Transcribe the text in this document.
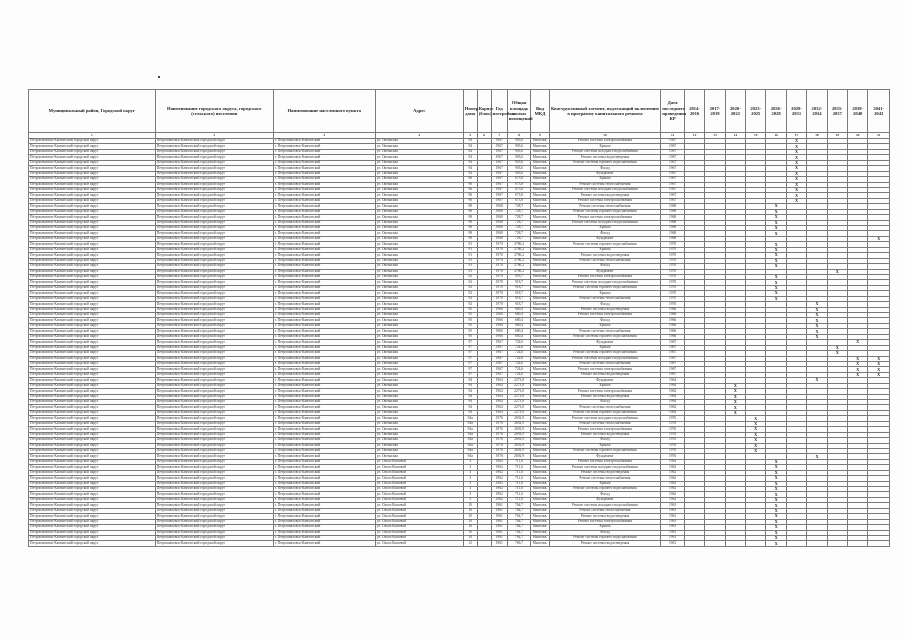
Муниципальный район, Городской округ	Наименование городского округа, городского (сельского) поселения	Наименование населенного пункта	Адрес	Номер дома	Корпус (блок)	Год постройки	Общая площадь жилых помещений	Вид МКД	Конструктивный элемент, подлежащий включению в программу капитального ремонта	Дата последнего проведения КР	2014-2016	2017-2019	2020-2022	2023-2025	2026-2028	2029-2031	2032-2034	2035-2037	2038-2040	2041-2043
1	2	3	4	5	6	7	8	9	10	11	12	13	14	15	16	17	18	19	20	21
Петропавловск-Камчатский городской округ	Петропавловск-Камчатский городской округ	г. Петропавловск-Камчатский	ул. Океанская	94		1967	903,6	Многокв.	Ремонт системы электроснабжения	1967						X				
Петропавловск-Камчатский городской округ	Петропавловск-Камчатский городской округ	г. Петропавловск-Камчатский	ул. Океанская	94		1967	903,6	Многокв.	Крыша	1967						X				
Петропавловск-Камчатский городской округ	Петропавловск-Камчатский городской округ	г. Петропавловск-Камчатский	ул. Океанская	94		1967	903,6	Многокв.	Ремонт системы холодного водоснабжения	1967						X				
Петропавловск-Камчатский городской округ	Петропавловск-Камчатский городской округ	г. Петропавловск-Камчатский	ул. Океанская	94		1967	903,6	Многокв.	Ремонт системы водоотведения	1967						X				
Петропавловск-Камчатский городской округ	Петропавловск-Камчатский городской округ	г. Петропавловск-Камчатский	ул. Океанская	94		1967	903,6	Многокв.	Ремонт системы горячего водоснабжения	1967						X				
Петропавловск-Камчатский городской округ	Петропавловск-Камчатский городской округ	г. Петропавловск-Камчатский	ул. Океанская	94		1967	903,6	Многокв.	Фасад	1967						X				
Петропавловск-Камчатский городской округ	Петропавловск-Камчатский городской округ	г. Петропавловск-Камчатский	ул. Океанская	94		1967	903,6	Многокв.	Фундамент	1967						X				
Петропавловск-Камчатский городской округ	Петропавловск-Камчатский городской округ	г. Петропавловск-Камчатский	ул. Океанская	96		1967	673,8	Многокв.	Крыша	1967						X				
Петропавловск-Камчатский городской округ	Петропавловск-Камчатский городской округ	г. Петропавловск-Камчатский	ул. Океанская	96		1967	673,8	Многокв.	Ремонт системы теплоснабжения	1967						X				
Петропавловск-Камчатский городской округ	Петропавловск-Камчатский городской округ	г. Петропавловск-Камчатский	ул. Океанская	96		1967	673,8	Многокв.	Ремонт системы холодного водоснабжения	1967						X				
Петропавловск-Камчатский городской округ	Петропавловск-Камчатский городской округ	г. Петропавловск-Камчатский	ул. Океанская	96		1967	673,8	Многокв.	Ремонт системы водоотведения	1967						X				
Петропавловск-Камчатский городской округ	Петропавловск-Камчатский городской округ	г. Петропавловск-Камчатский	ул. Океанская	96		1967	673,8	Многокв.	Ремонт системы электроснабжения	1967						X				
Петропавловск-Камчатский городской округ	Петропавловск-Камчатский городской округ	г. Петропавловск-Камчатский	ул. Океанская	98		1968	728,7	Многокв.	Ремонт системы теплоснабжения	1968					X					
Петропавловск-Камчатский городской округ	Петропавловск-Камчатский городской округ	г. Петропавловск-Камчатский	ул. Океанская	98		1968	728,7	Многокв.	Ремонт системы горячего водоснабжения	1968					X					
Петропавловск-Камчатский городской округ	Петропавловск-Камчатский городской округ	г. Петропавловск-Камчатский	ул. Океанская	98		1968	728,7	Многокв.	Ремонт системы электроснабжения	1968					X					
Петропавловск-Камчатский городской округ	Петропавловск-Камчатский городской округ	г. Петропавловск-Камчатский	ул. Океанская	98		1968	728,7	Многокв.	Ремонт системы холодного водоснабжения	1968					X					
Петропавловск-Камчатский городской округ	Петропавловск-Камчатский городской округ	г. Петропавловск-Камчатский	ул. Океанская	98		1968	728,7	Многокв.	Крыша	1968					X					
Петропавловск-Камчатский городской округ	Петропавловск-Камчатский городской округ	г. Петропавловск-Камчатский	ул. Океанская	98		1968	728,7	Многокв.	Фасад	1968					X					
Петропавловск-Камчатский городской округ	Петропавловск-Камчатский городской округ	г. Петропавловск-Камчатский	ул. Океанская	98		1968	728,7	Многокв.	Фундамент	1968										X
Петропавловск-Камчатский городской округ	Петропавловск-Камчатский городской округ	г. Петропавловск-Камчатский	ул. Океанская	91		1970	2786,2	Многокв.	Ремонт системы горячего водоснабжения	1970					X					
Петропавловск-Камчатский городской округ	Петропавловск-Камчатский городской округ	г. Петропавловск-Камчатский	ул. Океанская	91		1970	2786,2	Многокв.	Крыша	1970					X					
Петропавловск-Камчатский городской округ	Петропавловск-Камчатский городской округ	г. Петропавловск-Камчатский	ул. Океанская	91		1970	2786,2	Многокв.	Ремонт системы водоотведения	1970					X					
Петропавловск-Камчатский городской округ	Петропавловск-Камчатский городской округ	г. Петропавловск-Камчатский	ул. Океанская	91		1970	2786,2	Многокв.	Ремонт системы теплоснабжения	1970					X					
Петропавловск-Камчатский городской округ	Петропавловск-Камчатский городской округ	г. Петропавловск-Камчатский	ул. Океанская	91		1970	2786,2	Многокв.	Фасад	1970					X					
Петропавловск-Камчатский городской округ	Петропавловск-Камчатский городской округ	г. Петропавловск-Камчатский	ул. Океанская	91		1970	2786,2	Многокв.	Фундамент	1970								X		
Петропавловск-Камчатский городской округ	Петропавловск-Камчатский городской округ	г. Петропавловск-Камчатский	ул. Океанская	92		1970	918,7	Многокв.	Ремонт системы электроснабжения	1970					X					
Петропавловск-Камчатский городской округ	Петропавловск-Камчатский городской округ	г. Петропавловск-Камчатский	ул. Океанская	92		1970	918,7	Многокв.	Ремонт системы холодного водоснабжения	1970					X					
Петропавловск-Камчатский городской округ	Петропавловск-Камчатский городской округ	г. Петропавловск-Камчатский	ул. Океанская	92		1970	918,7	Многокв.	Ремонт системы горячего водоснабжения	1970					X					
Петропавловск-Камчатский городской округ	Петропавловск-Камчатский городской округ	г. Петропавловск-Камчатский	ул. Океанская	92		1970	918,7	Многокв.	Крыша	1970					X					
Петропавловск-Камчатский городской округ	Петропавловск-Камчатский городской округ	г. Петропавловск-Камчатский	ул. Океанская	92		1970	918,7	Многокв.	Ремонт системы теплоснабжения	1970					X					
Петропавловск-Камчатский городской округ	Петропавловск-Камчатский городской округ	г. Петропавловск-Камчатский	ул. Океанская	92		1970	918,7	Многокв.	Фасад	1970							X			
Петропавловск-Камчатский городской округ	Петропавловск-Камчатский городской округ	г. Петропавловск-Камчатский	ул. Океанская	95		1966	680,4	Многокв.	Ремонт системы водоотведения	1966							X			
Петропавловск-Камчатский городской округ	Петропавловск-Камчатский городской округ	г. Петропавловск-Камчатский	ул. Океанская	95		1966	680,4	Многокв.	Ремонт системы электроснабжения	1966							X			
Петропавловск-Камчатский городской округ	Петропавловск-Камчатский городской округ	г. Петропавловск-Камчатский	ул. Океанская	95		1966	680,4	Многокв.	Фасад	1966							X			
Петропавловск-Камчатский городской округ	Петропавловск-Камчатский городской округ	г. Петропавловск-Камчатский	ул. Океанская	95		1966	680,4	Многокв.	Крыша	1966							X			
Петропавловск-Камчатский городской округ	Петропавловск-Камчатский городской округ	г. Петропавловск-Камчатский	ул. Океанская	95		1966	680,4	Многокв.	Ремонт системы теплоснабжения	1966							X			
Петропавловск-Камчатский городской округ	Петропавловск-Камчатский городской округ	г. Петропавловск-Камчатский	ул. Океанская	95		1966	680,4	Многокв.	Ремонт системы горячего водоснабжения	1966							X			
Петропавловск-Камчатский городской округ	Петропавловск-Камчатский городской округ	г. Петропавловск-Камчатский	ул. Океанская	97		1967	724,6	Многокв.	Фундамент	1967									X	
Петропавловск-Камчатский городской округ	Петропавловск-Камчатский городской округ	г. Петропавловск-Камчатский	ул. Океанская	97		1967	724,6	Многокв.	Крыша	1967								X		
Петропавловск-Камчатский городской округ	Петропавловск-Камчатский городской округ	г. Петропавловск-Камчатский	ул. Океанская	97		1967	724,6	Многокв.	Ремонт системы горячего водоснабжения	1967								X		
Петропавловск-Камчатский городской округ	Петропавловск-Камчатский городской округ	г. Петропавловск-Камчатский	ул. Океанская	97		1967	724,6	Многокв.	Ремонт системы холодного водоснабжения	1967									X	X
Петропавловск-Камчатский городской округ	Петропавловск-Камчатский городской округ	г. Петропавловск-Камчатский	ул. Океанская	97		1967	724,6	Многокв.	Ремонт системы теплоснабжения	1967									X	X
Петропавловск-Камчатский городской округ	Петропавловск-Камчатский городской округ	г. Петропавловск-Камчатский	ул. Океанская	97		1967	724,6	Многокв.	Ремонт системы электроснабжения	1967									X	X
Петропавловск-Камчатский городской округ	Петропавловск-Камчатский городской округ	г. Петропавловск-Камчатский	ул. Океанская	97		1967	724,6	Многокв.	Ремонт системы водоотведения	1967									X	X
Петропавловск-Камчатский городской округ	Петропавловск-Камчатский городской округ	г. Петропавловск-Камчатский	ул. Океанская	94		1964	2273,8	Многокв.	Фундамент	1964							X			
Петропавловск-Камчатский городской округ	Петропавловск-Камчатский городской округ	г. Петропавловск-Камчатский	ул. Океанская	94		1964	2273,8	Многокв.	Крыша	1964			X							
Петропавловск-Камчатский городской округ	Петропавловск-Камчатский городской округ	г. Петропавловск-Камчатский	ул. Океанская	94		1964	2273,8	Многокв.	Ремонт системы электроснабжения	1964			X							
Петропавловск-Камчатский городской округ	Петропавловск-Камчатский городской округ	г. Петропавловск-Камчатский	ул. Океанская	94		1964	2273,8	Многокв.	Ремонт системы водоотведения	1964			X							
Петропавловск-Камчатский городской округ	Петропавловск-Камчатский городской округ	г. Петропавловск-Камчатский	ул. Океанская	94		1964	2273,8	Многокв.	Фасад	1964			X							
Петропавловск-Камчатский городской округ	Петропавловск-Камчатский городской округ	г. Петропавловск-Камчатский	ул. Океанская	94		1964	2273,8	Многокв.	Ремонт системы теплоснабжения	1964			X							
Петропавловск-Камчатский городской округ	Петропавловск-Камчатский городской округ	г. Петропавловск-Камчатский	ул. Океанская	94		1964	2273,8	Многокв.	Ремонт системы горячего водоснабжения	1964			X							
Петропавловск-Камчатский городской округ	Петропавловск-Камчатский городской округ	г. Петропавловск-Камчатский	ул. Океанская	94а		1976	2692,9	Многокв.	Ремонт системы холодного водоснабжения	1976				X						
Петропавловск-Камчатский городской округ	Петропавловск-Камчатский городской округ	г. Петропавловск-Камчатский	ул. Океанская	94а		1976	2692,9	Многокв.	Ремонт системы теплоснабжения	1976				X						
Петропавловск-Камчатский городской округ	Петропавловск-Камчатский городской округ	г. Петропавловск-Камчатский	ул. Океанская	94а		1976	2692,9	Многокв.	Ремонт системы электроснабжения	1976				X						
Петропавловск-Камчатский городской округ	Петропавловск-Камчатский городской округ	г. Петропавловск-Камчатский	ул. Океанская	94а		1976	2692,9	Многокв.	Ремонт системы водоотведения	1976				X						
Петропавловск-Камчатский городской округ	Петропавловск-Камчатский городской округ	г. Петропавловск-Камчатский	ул. Океанская	94а		1976	2692,9	Многокв.	Фасад	1976				X						
Петропавловск-Камчатский городской округ	Петропавловск-Камчатский городской округ	г. Петропавловск-Камчатский	ул. Океанская	94а		1976	2692,9	Многокв.	Крыша	1976				X						
Петропавловск-Камчатский городской округ	Петропавловск-Камчатский городской округ	г. Петропавловск-Камчатский	ул. Океанская	94а		1976	2692,9	Многокв.	Ремонт системы горячего водоснабжения	1976				X						
Петропавловск-Камчатский городской округ	Петропавловск-Камчатский городской округ	г. Петропавловск-Камчатский	ул. Океанская	94а		1976	2692,9	Многокв.	Фундамент	1976							X			
Петропавловск-Камчатский городской округ	Петропавловск-Камчатский городской округ	г. Петропавловск-Камчатский	ул. Ольги Кошевой	3		1962	711,6	Многокв.	Ремонт системы электроснабжения	1962					X					
Петропавловск-Камчатский городской округ	Петропавловск-Камчатский городской округ	г. Петропавловск-Камчатский	ул. Ольги Кошевой	3		1962	711,6	Многокв.	Ремонт системы холодного водоснабжения	1962					X					
Петропавловск-Камчатский городской округ	Петропавловск-Камчатский городской округ	г. Петропавловск-Камчатский	ул. Ольги Кошевой	3		1962	711,6	Многокв.	Ремонт системы водоотведения	1962					X					
Петропавловск-Камчатский городской округ	Петропавловск-Камчатский городской округ	г. Петропавловск-Камчатский	ул. Ольги Кошевой	3		1962	711,6	Многокв.	Ремонт системы теплоснабжения	1962					X					
Петропавловск-Камчатский городской округ	Петропавловск-Камчатский городской округ	г. Петропавловск-Камчатский	ул. Ольги Кошевой	3		1962	711,6	Многокв.	Крыша	1962					X					
Петропавловск-Камчатский городской округ	Петропавловск-Камчатский городской округ	г. Петропавловск-Камчатский	ул. Ольги Кошевой	3		1962	711,6	Многокв.	Ремонт системы горячего водоснабжения	1962					X					
Петропавловск-Камчатский городской округ	Петропавловск-Камчатский городской округ	г. Петропавловск-Камчатский	ул. Ольги Кошевой	3		1962	711,6	Многокв.	Фасад	1962					X					
Петропавловск-Камчатский городской округ	Петропавловск-Камчатский городской округ	г. Петропавловск-Камчатский	ул. Ольги Кошевой	3		1962	711,6	Многокв.	Фундамент	1962					X					
Петропавловск-Камчатский городской округ	Петропавловск-Камчатский городской округ	г. Петропавловск-Камчатский	ул. Ольги Кошевой	10		1961	764,7	Многокв.	Ремонт системы холодного водоснабжения	1961					X					
Петропавловск-Камчатский городской округ	Петропавловск-Камчатский городской округ	г. Петропавловск-Камчатский	ул. Ольги Кошевой	10		1961	764,7	Многокв.	Ремонт системы теплоснабжения	1961					X					
Петропавловск-Камчатский городской округ	Петропавловск-Камчатский городской округ	г. Петропавловск-Камчатский	ул. Ольги Кошевой	10		1961	764,7	Многокв.	Ремонт системы водоотведения	1961					X					
Петропавловск-Камчатский городской округ	Петропавловск-Камчатский городской округ	г. Петропавловск-Камчатский	ул. Ольги Кошевой	10		1961	764,7	Многокв.	Ремонт системы электроснабжения	1961					X					
Петропавловск-Камчатский городской округ	Петропавловск-Камчатский городской округ	г. Петропавловск-Камчатский	ул. Ольги Кошевой	10		1961	764,7	Многокв.	Крыша	1961					X					
Петропавловск-Камчатский городской округ	Петропавловск-Камчатский городской округ	г. Петропавловск-Камчатский	ул. Ольги Кошевой	10		1961	764,7	Многокв.	Фасад	1961					X					
Петропавловск-Камчатский городской округ	Петропавловск-Камчатский городской округ	г. Петропавловск-Камчатский	ул. Ольги Кошевой	10		1961	764,7	Многокв.	Ремонт системы горячего водоснабжения	1961					X					
Петропавловск-Камчатский городской округ	Петропавловск-Камчатский городской округ	г. Петропавловск-Камчатский	ул. Ольги Кошевой	12		1961	766,7	Многокв.	Ремонт системы водоотведения	1961					X					
